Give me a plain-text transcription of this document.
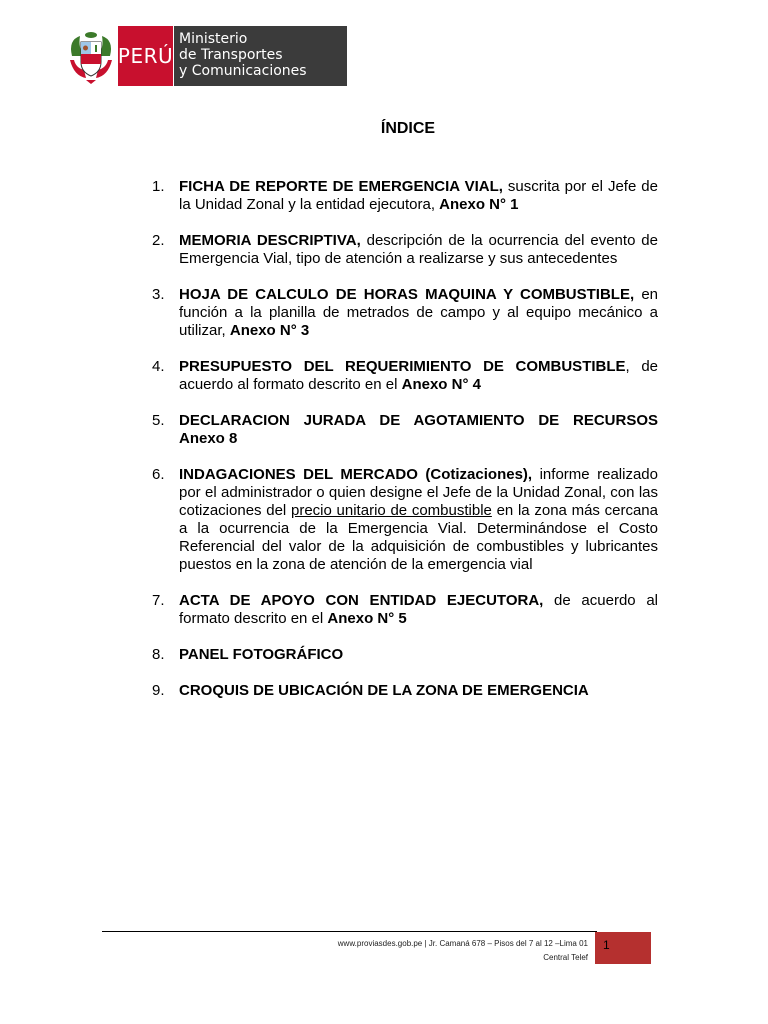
PERÚ
Ministerio
de Transportes
y Comunicaciones
ÍNDICE
1. FICHA DE REPORTE DE EMERGENCIA VIAL, suscrita por el Jefe de la Unidad Zonal y la entidad ejecutora, Anexo N° 1
2. MEMORIA DESCRIPTIVA, descripción de la ocurrencia del evento de Emergencia Vial, tipo de atención a realizarse y sus antecedentes
3. HOJA DE CALCULO DE HORAS MAQUINA Y COMBUSTIBLE, en función a la planilla de metrados de campo y al equipo mecánico a utilizar, Anexo N° 3
4. PRESUPUESTO DEL REQUERIMIENTO DE COMBUSTIBLE, de acuerdo al formato descrito en el Anexo N° 4
5. DECLARACION JURADA DE AGOTAMIENTO DE RECURSOS Anexo 8
6. INDAGACIONES DEL MERCADO (Cotizaciones), informe realizado por el administrador o quien designe el Jefe de la Unidad Zonal, con las cotizaciones del precio unitario de combustible en la zona más cercana a la ocurrencia de la Emergencia Vial. Determinándose el Costo Referencial del valor de la adquisición de combustibles y lubricantes puestos en la zona de atención de la emergencia vial
7. ACTA DE APOYO CON ENTIDAD EJECUTORA, de acuerdo al formato descrito en el Anexo N° 5
8. PANEL FOTOGRÁFICO
9. CROQUIS DE UBICACIÓN DE LA ZONA DE EMERGENCIA
www.proviasdes.gob.pe | Jr. Camaná 678 – Pisos del 7 al 12 –Lima 01
Central Telef
1
